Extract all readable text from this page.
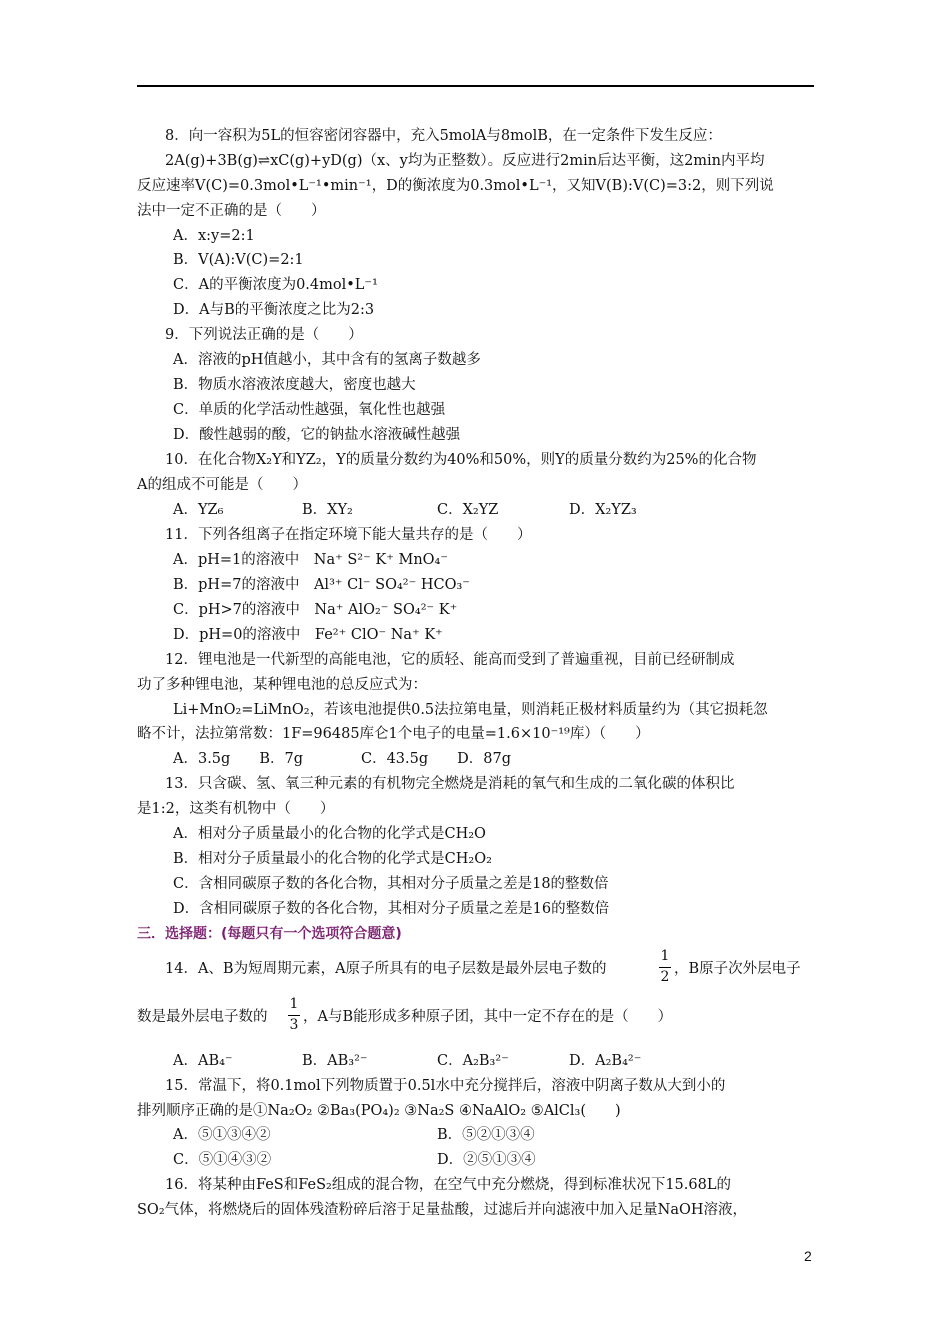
8．向一容积为5L的恒容密闭容器中，充入5molA与8molB，在一定条件下发生反应：
2A(g)+3B(g)⇌xC(g)+yD(g)（x、y均为正整数）。反应进行2min后达平衡，这2min内平均
反应速率V(C)=0.3mol•L⁻¹•min⁻¹，D的衡浓度为0.3mol•L⁻¹，又知V(B):V(C)=3:2，则下列说
法中一定不正确的是（　　）
A．x:y=2:1
B．V(A):V(C)=2:1
C．A的平衡浓度为0.4mol•L⁻¹
D．A与B的平衡浓度之比为2:3
9．下列说法正确的是（　　）
A．溶液的pH值越小，其中含有的氢离子数越多
B．物质水溶液浓度越大，密度也越大
C．单质的化学活动性越强，氧化性也越强
D．酸性越弱的酸，它的钠盐水溶液碱性越强
10．在化合物X₂Y和YZ₂，Y的质量分数约为40%和50%，则Y的质量分数约为25%的化合物
A的组成不可能是（　　）
A．YZ₆	B．XY₂	C．X₂YZ	D．X₂YZ₃
11．下列各组离子在指定环境下能大量共存的是（　　）
A．pH=1的溶液中　Na⁺ S²⁻ K⁺ MnO₄⁻
B．pH=7的溶液中　Al³⁺ Cl⁻ SO₄²⁻ HCO₃⁻
C．pH>7的溶液中　Na⁺ AlO₂⁻ SO₄²⁻ K⁺
D．pH=0的溶液中　Fe²⁺ ClO⁻ Na⁺ K⁺
12．锂电池是一代新型的高能电池，它的质轻、能高而受到了普遍重视，目前已经研制成
功了多种锂电池，某种锂电池的总反应式为：
Li+MnO₂=LiMnO₂，若该电池提供0.5法拉第电量，则消耗正极材料质量约为（其它损耗忽
略不计，法拉第常数：1F=96485库仑1个电子的电量=1.6×10⁻¹⁹库）（　　）
A．3.5g　　B．7g　　　　C．43.5g　　D．87g
13．只含碳、氢、氧三种元素的有机物完全燃烧是消耗的氧气和生成的二氧化碳的体积比
是1:2，这类有机物中（　　）
A．相对分子质量最小的化合物的化学式是CH₂O
B．相对分子质量最小的化合物的化学式是CH₂O₂
C．含相同碳原子数的各化合物，其相对分子质量之差是18的整数倍
D．含相同碳原子数的各化合物，其相对分子质量之差是16的整数倍
三．选择题：(每题只有一个选项符合题意)
14．A、B为短周期元素，A原子所具有的电子层数是最外层电子数的
1
2 ，B原子次外层电子
数是最外层电子数的
1
3 ，A与B能形成多种原子团，其中一定不存在的是（　　）
A．AB₄⁻	B．AB₃²⁻	C．A₂B₃²⁻	D．A₂B₄²⁻
15．常温下，将0.1mol下列物质置于0.5l水中充分搅拌后，溶液中阴离子数从大到小的
排列顺序正确的是①Na₂O₂ ②Ba₃(PO₄)₂ ③Na₂S ④NaAlO₂ ⑤AlCl₃(　　)
A．⑤①③④②	B．⑤②①③④
C．⑤①④③②	D．②⑤①③④
16．将某种由FeS和FeS₂组成的混合物，在空气中充分燃烧，得到标准状况下15.68L的
SO₂气体，将燃烧后的固体残渣粉碎后溶于足量盐酸，过滤后并向滤液中加入足量NaOH溶液，
2
